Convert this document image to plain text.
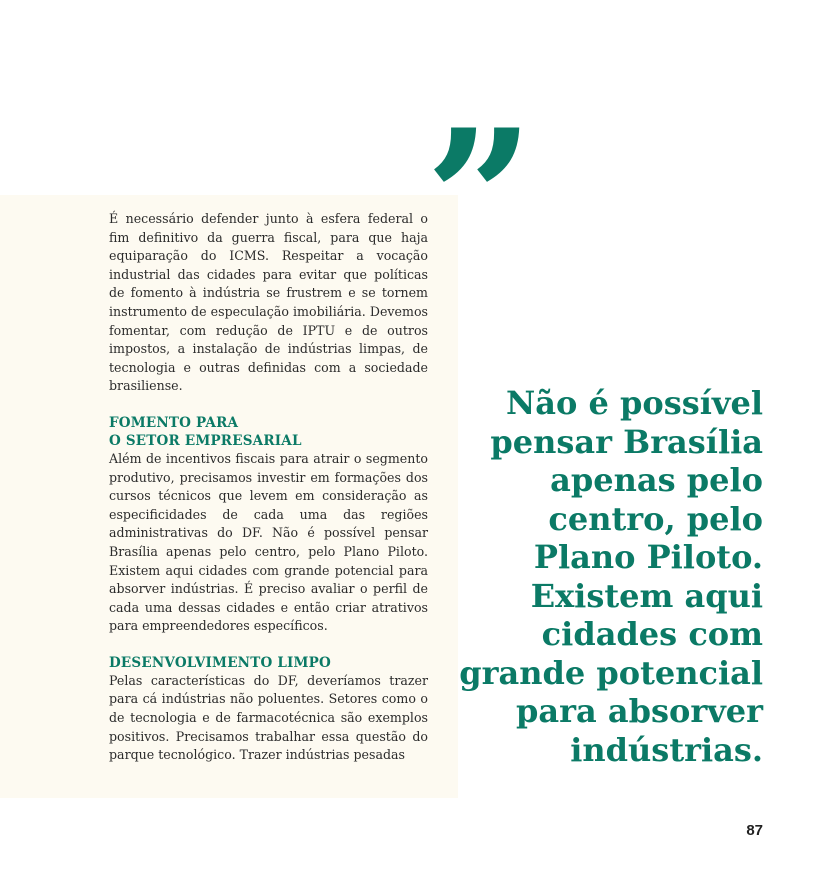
”

É necessário defender junto à esfera federal o fim definitivo da guerra fiscal, para que haja equiparação do ICMS. Respeitar a vocação industrial das cidades para evitar que políticas de fomento à indústria se frustrem e se tornem instrumento de especulação imobiliária. Devemos fomentar, com redução de IPTU e de outros impostos, a instalação de indústrias limpas, de tecnologia e outras definidas com a sociedade brasiliense.

FOMENTO PARA
O SETOR EMPRESARIAL

Além de incentivos fiscais para atrair o segmento produtivo, precisamos investir em formações dos cursos técnicos que levem em consideração as especificidades de cada uma das regiões administrativas do DF. Não é possível pensar Brasília apenas pelo centro, pelo Plano Piloto. Existem aqui cidades com grande potencial para absorver indústrias. É preciso avaliar o perfil de cada uma dessas cidades e então criar atrativos para empreendedores específicos.

DESENVOLVIMENTO LIMPO

Pelas características do DF, deveríamos trazer para cá indústrias não poluentes. Setores como o de tecnologia e de farmacotécnica são exemplos positivos. Precisamos trabalhar essa questão do parque tecnológico. Trazer indústrias pesadas

Não é possível
pensar Brasília
apenas pelo
centro, pelo
Plano Piloto.
Existem aqui
cidades com
grande potencial
para absorver
indústrias.
87
